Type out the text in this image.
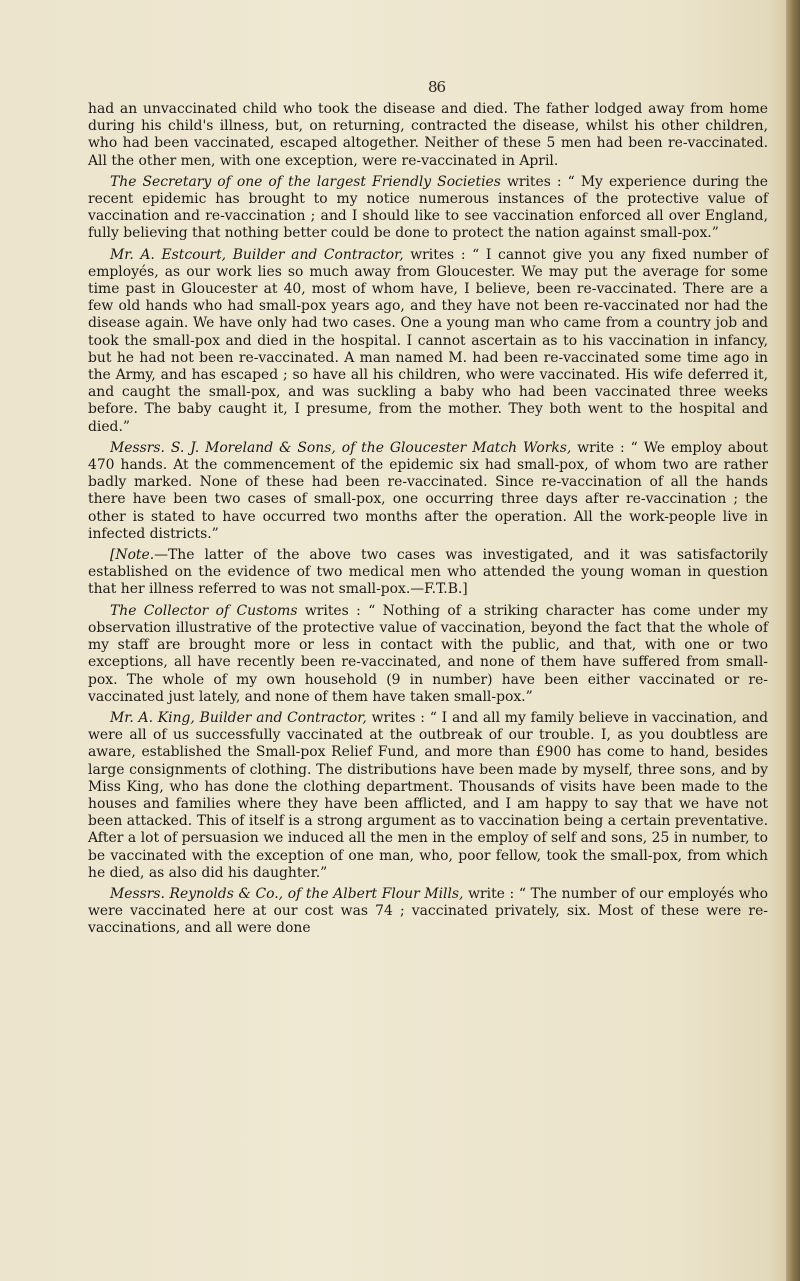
86

had an unvaccinated child who took the disease and died. The father lodged away from home during his child's illness, but, on returning, contracted the disease, whilst his other children, who had been vaccinated, escaped altogether. Neither of these 5 men had been re-vaccinated. All the other men, with one exception, were re-vaccinated in April.

The Secretary of one of the largest Friendly Societies writes : “ My experience during the recent epidemic has brought to my notice numerous instances of the protective value of vaccination and re-vaccination ; and I should like to see vaccination enforced all over England, fully believing that nothing better could be done to protect the nation against small-pox.”

Mr. A. Estcourt, Builder and Contractor, writes : “ I cannot give you any fixed number of employés, as our work lies so much away from Gloucester. We may put the average for some time past in Gloucester at 40, most of whom have, I believe, been re-vaccinated. There are a few old hands who had small-pox years ago, and they have not been re-vaccinated nor had the disease again. We have only had two cases. One a young man who came from a country job and took the small-pox and died in the hospital. I cannot ascertain as to his vaccination in infancy, but he had not been re-vaccinated. A man named M. had been re-vaccinated some time ago in the Army, and has escaped ; so have all his children, who were vaccinated. His wife deferred it, and caught the small-pox, and was suckling a baby who had been vaccinated three weeks before. The baby caught it, I presume, from the mother. They both went to the hospital and died.”

Messrs. S. J. Moreland & Sons, of the Gloucester Match Works, write : “ We employ about 470 hands. At the commencement of the epidemic six had small-pox, of whom two are rather badly marked. None of these had been re-vaccinated. Since re-vaccination of all the hands there have been two cases of small-pox, one occurring three days after re-vaccination ; the other is stated to have occurred two months after the operation. All the work-people live in infected districts.”

[Note.—The latter of the above two cases was investigated, and it was satisfactorily established on the evidence of two medical men who attended the young woman in question that her illness referred to was not small-pox.—F.T.B.]

The Collector of Customs writes : “ Nothing of a striking character has come under my observation illustrative of the protective value of vaccination, beyond the fact that the whole of my staff are brought more or less in contact with the public, and that, with one or two exceptions, all have recently been re-vaccinated, and none of them have suffered from small-pox. The whole of my own household (9 in number) have been either vaccinated or re-vaccinated just lately, and none of them have taken small-pox.”

Mr. A. King, Builder and Contractor, writes : “ I and all my family believe in vaccination, and were all of us successfully vaccinated at the outbreak of our trouble. I, as you doubtless are aware, established the Small-pox Relief Fund, and more than £900 has come to hand, besides large consignments of clothing. The distributions have been made by myself, three sons, and by Miss King, who has done the clothing department. Thousands of visits have been made to the houses and families where they have been afflicted, and I am happy to say that we have not been attacked. This of itself is a strong argument as to vaccination being a certain preventative. After a lot of persuasion we induced all the men in the employ of self and sons, 25 in number, to be vaccinated with the exception of one man, who, poor fellow, took the small-pox, from which he died, as also did his daughter.”

Messrs. Reynolds & Co., of the Albert Flour Mills, write : “ The number of our employés who were vaccinated here at our cost was 74 ; vaccinated privately, six. Most of these were re-vaccinations, and all were done
